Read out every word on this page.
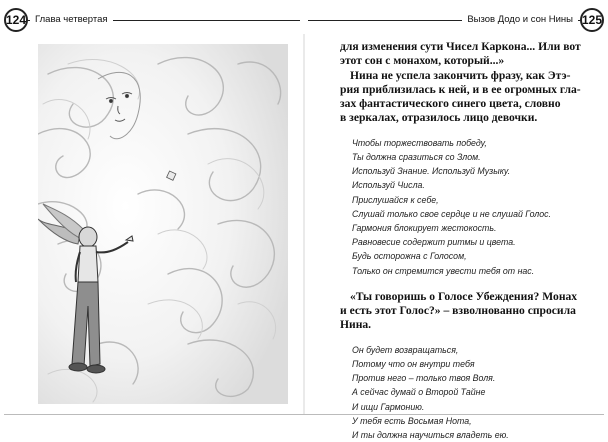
124 Глава четвертая	Вызов Додо и сон Нины 125

для изменения сути Чисел Каркона... Или вот
этот сон с монахом, который...»
Нина не успела закончить фразу, как Этэ-
рия приблизилась к ней, и в ее огромных гла-
зах фантастического синего цвета, словно
в зеркалах, отразилось лицо девочки.

Чтобы торжествовать победу,
Ты должна сразиться со Злом.
Используй Знание. Используй Музыку.
Используй Числа.
Прислушайся к себе,
Слушай только свое сердце и не слушай Голос.
Гармония блокирует жестокость.
Равновесие содержит ритмы и цвета.
Будь осторожна с Голосом,
Только он стремится увести тебя от нас.

«Ты говоришь о Голосе Убеждения? Монах
и есть этот Голос?» – взволнованно спросила
Нина.

Он будет возвращаться,
Потому что он внутри тебя
Против него – только твоя Воля.
А сейчас думай о Второй Тайне
И ищи Гармонию.
У тебя есть Восьмая Нота,
И ты должна научиться владеть ею.
